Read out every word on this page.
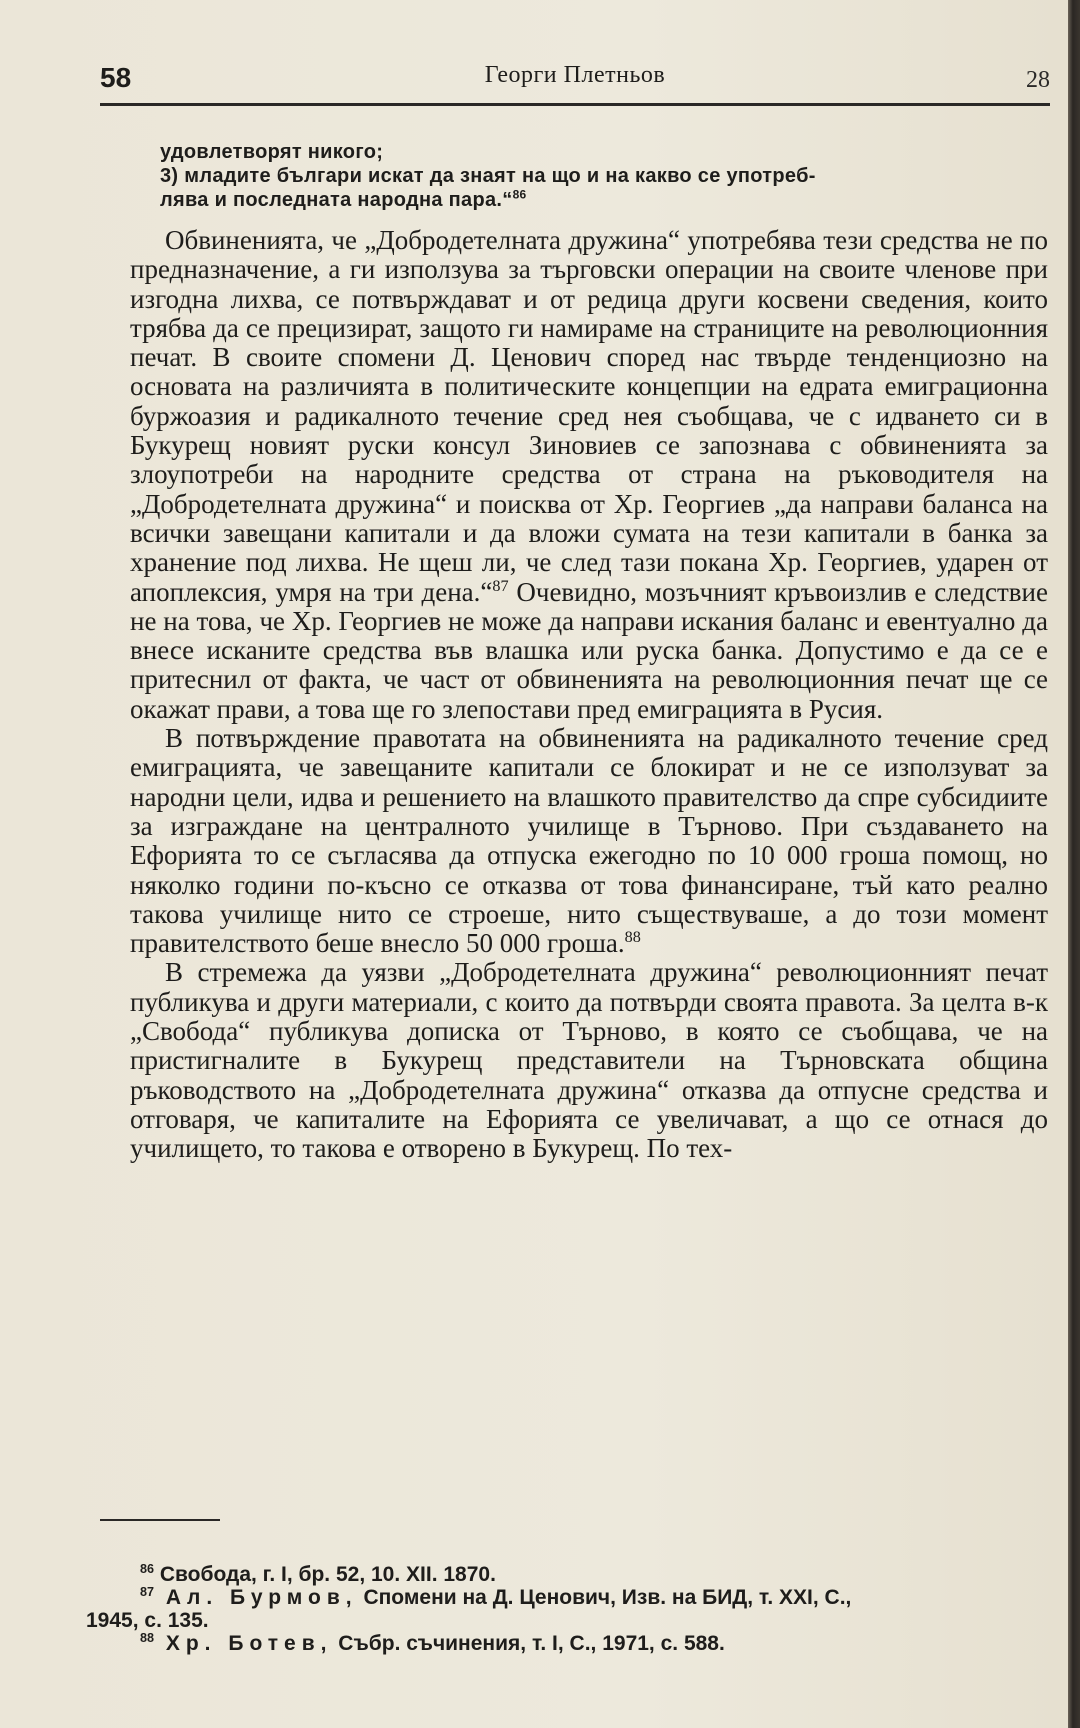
58	Георги Плетньов	28

удовлетворят никого;

3) младите българи искат да знаят на що и на какво се употреб-

лява и последната народна пара.“$^{86}$

Обвиненията, че „Добродетелната дружина“ употребява тези средства не по предназначение, а ги използува за търговски операции на своите членове при изгодна лихва, се потвърждават и от редица други косвени сведения, които трябва да се прецизират, защото ги намираме на страниците на революционния печат. В своите спомени Д. Ценович според нас твърде тенденциозно на основата на различията в политическите концепции на едрата емиграционна буржоазия и радикалното течение сред нея съобщава, че с идването си в Букурещ новият руски консул Зиновиев се запознава с обвиненията за злоупотреби на народните средства от страна на ръководителя на „Добродетелната дружина“ и поисква от Хр. Георгиев „да направи баланса на всички завещани капитали и да вложи сумата на тези капитали в банка за хранение под лихва. Не щеш ли, че след тази покана Хр. Георгиев, ударен от апоплексия, умря на три дена.“$^{87}$ Очевидно, мозъчният кръвоизлив е следствие не на това, че Хр. Георгиев не може да направи искания баланс и евентуално да внесе исканите средства във влашка или руска банка. Допустимо е да се е притеснил от факта, че част от обвиненията на революционния печат ще се окажат прави, а това ще го злепостави пред емиграцията в Русия.

В потвърждение правотата на обвиненията на радикалното течение сред емиграцията, че завещаните капитали се блокират и не се използуват за народни цели, идва и решението на влашкото правителство да спре субсидиите за изграждане на централното училище в Търново. При създаването на Ефорията то се съгласява да отпуска ежегодно по 10 000 гроша помощ, но няколко години по-късно се отказва от това финансиране, тъй като реално такова училище нито се строеше, нито съществуваше, а до този момент правителството беше внесло 50 000 гроша.$^{88}$

В стремежа да уязви „Добродетелната дружина“ революционният печат публикува и други материали, с които да потвърди своята правота. За целта в-к „Свобода“ публикува дописка от Търново, в която се съобщава, че на пристигналите в Букурещ представители на Търновската община ръководството на „Добродетелната дружина“ отказва да отпусне средства и отговаря, че капиталите на Ефорията се увеличават, а що се отнася до училището, то такова е отворено в Букурещ. По тех-

$^{86}$ Свобода, г. I, бр. 52, 10. XII. 1870.

$^{87}$ Ал. Бурмов, Спомени на Д. Ценович, Изв. на БИД, т. XXI, С.,

1945, с. 135.

$^{88}$ Хр. Ботев, Събр. съчинения, т. I, С., 1971, с. 588.
